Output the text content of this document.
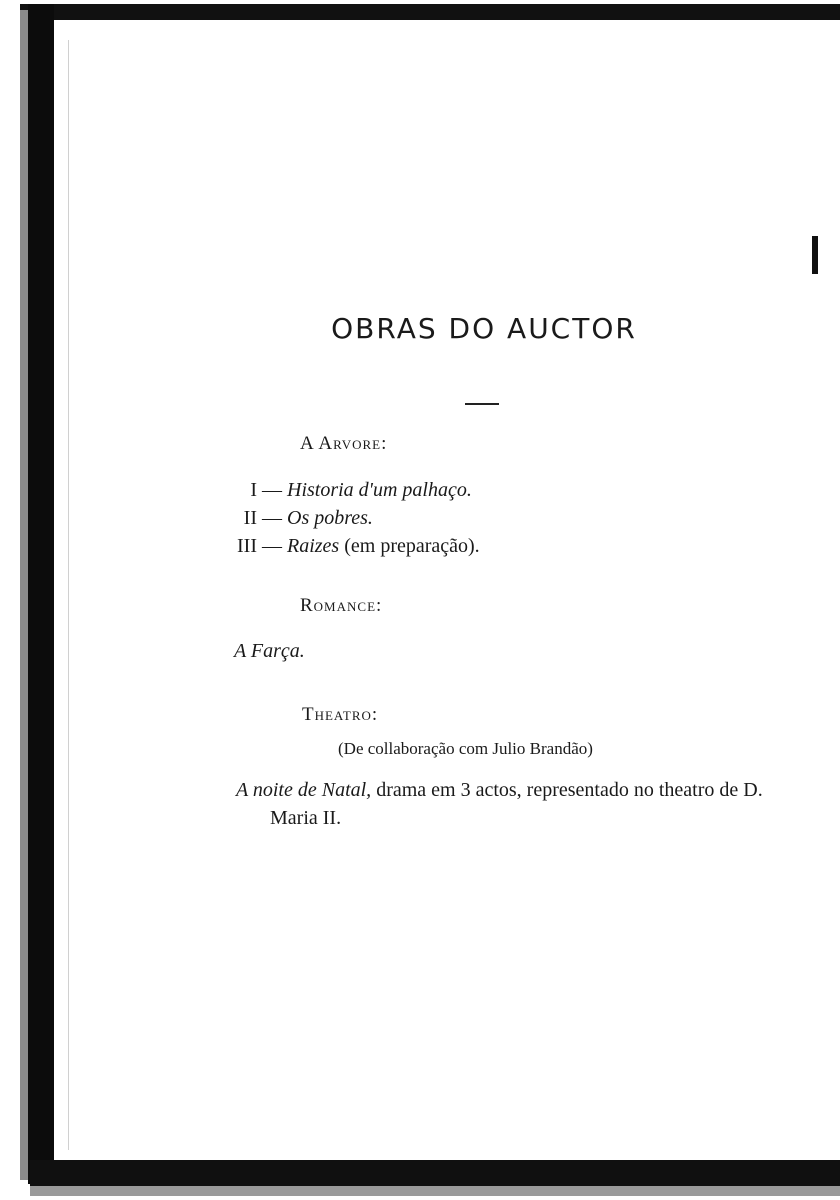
OBRAS DO AUCTOR
A Arvore:

I — Historia d'um palhaço.

II — Os pobres.

III — Raizes (em preparação).

Romance:

A Farça.

Theatro:

(De collaboração com Julio Brandão)

A noite de Natal, drama em 3 actos, representado no theatro de D. Maria II.
